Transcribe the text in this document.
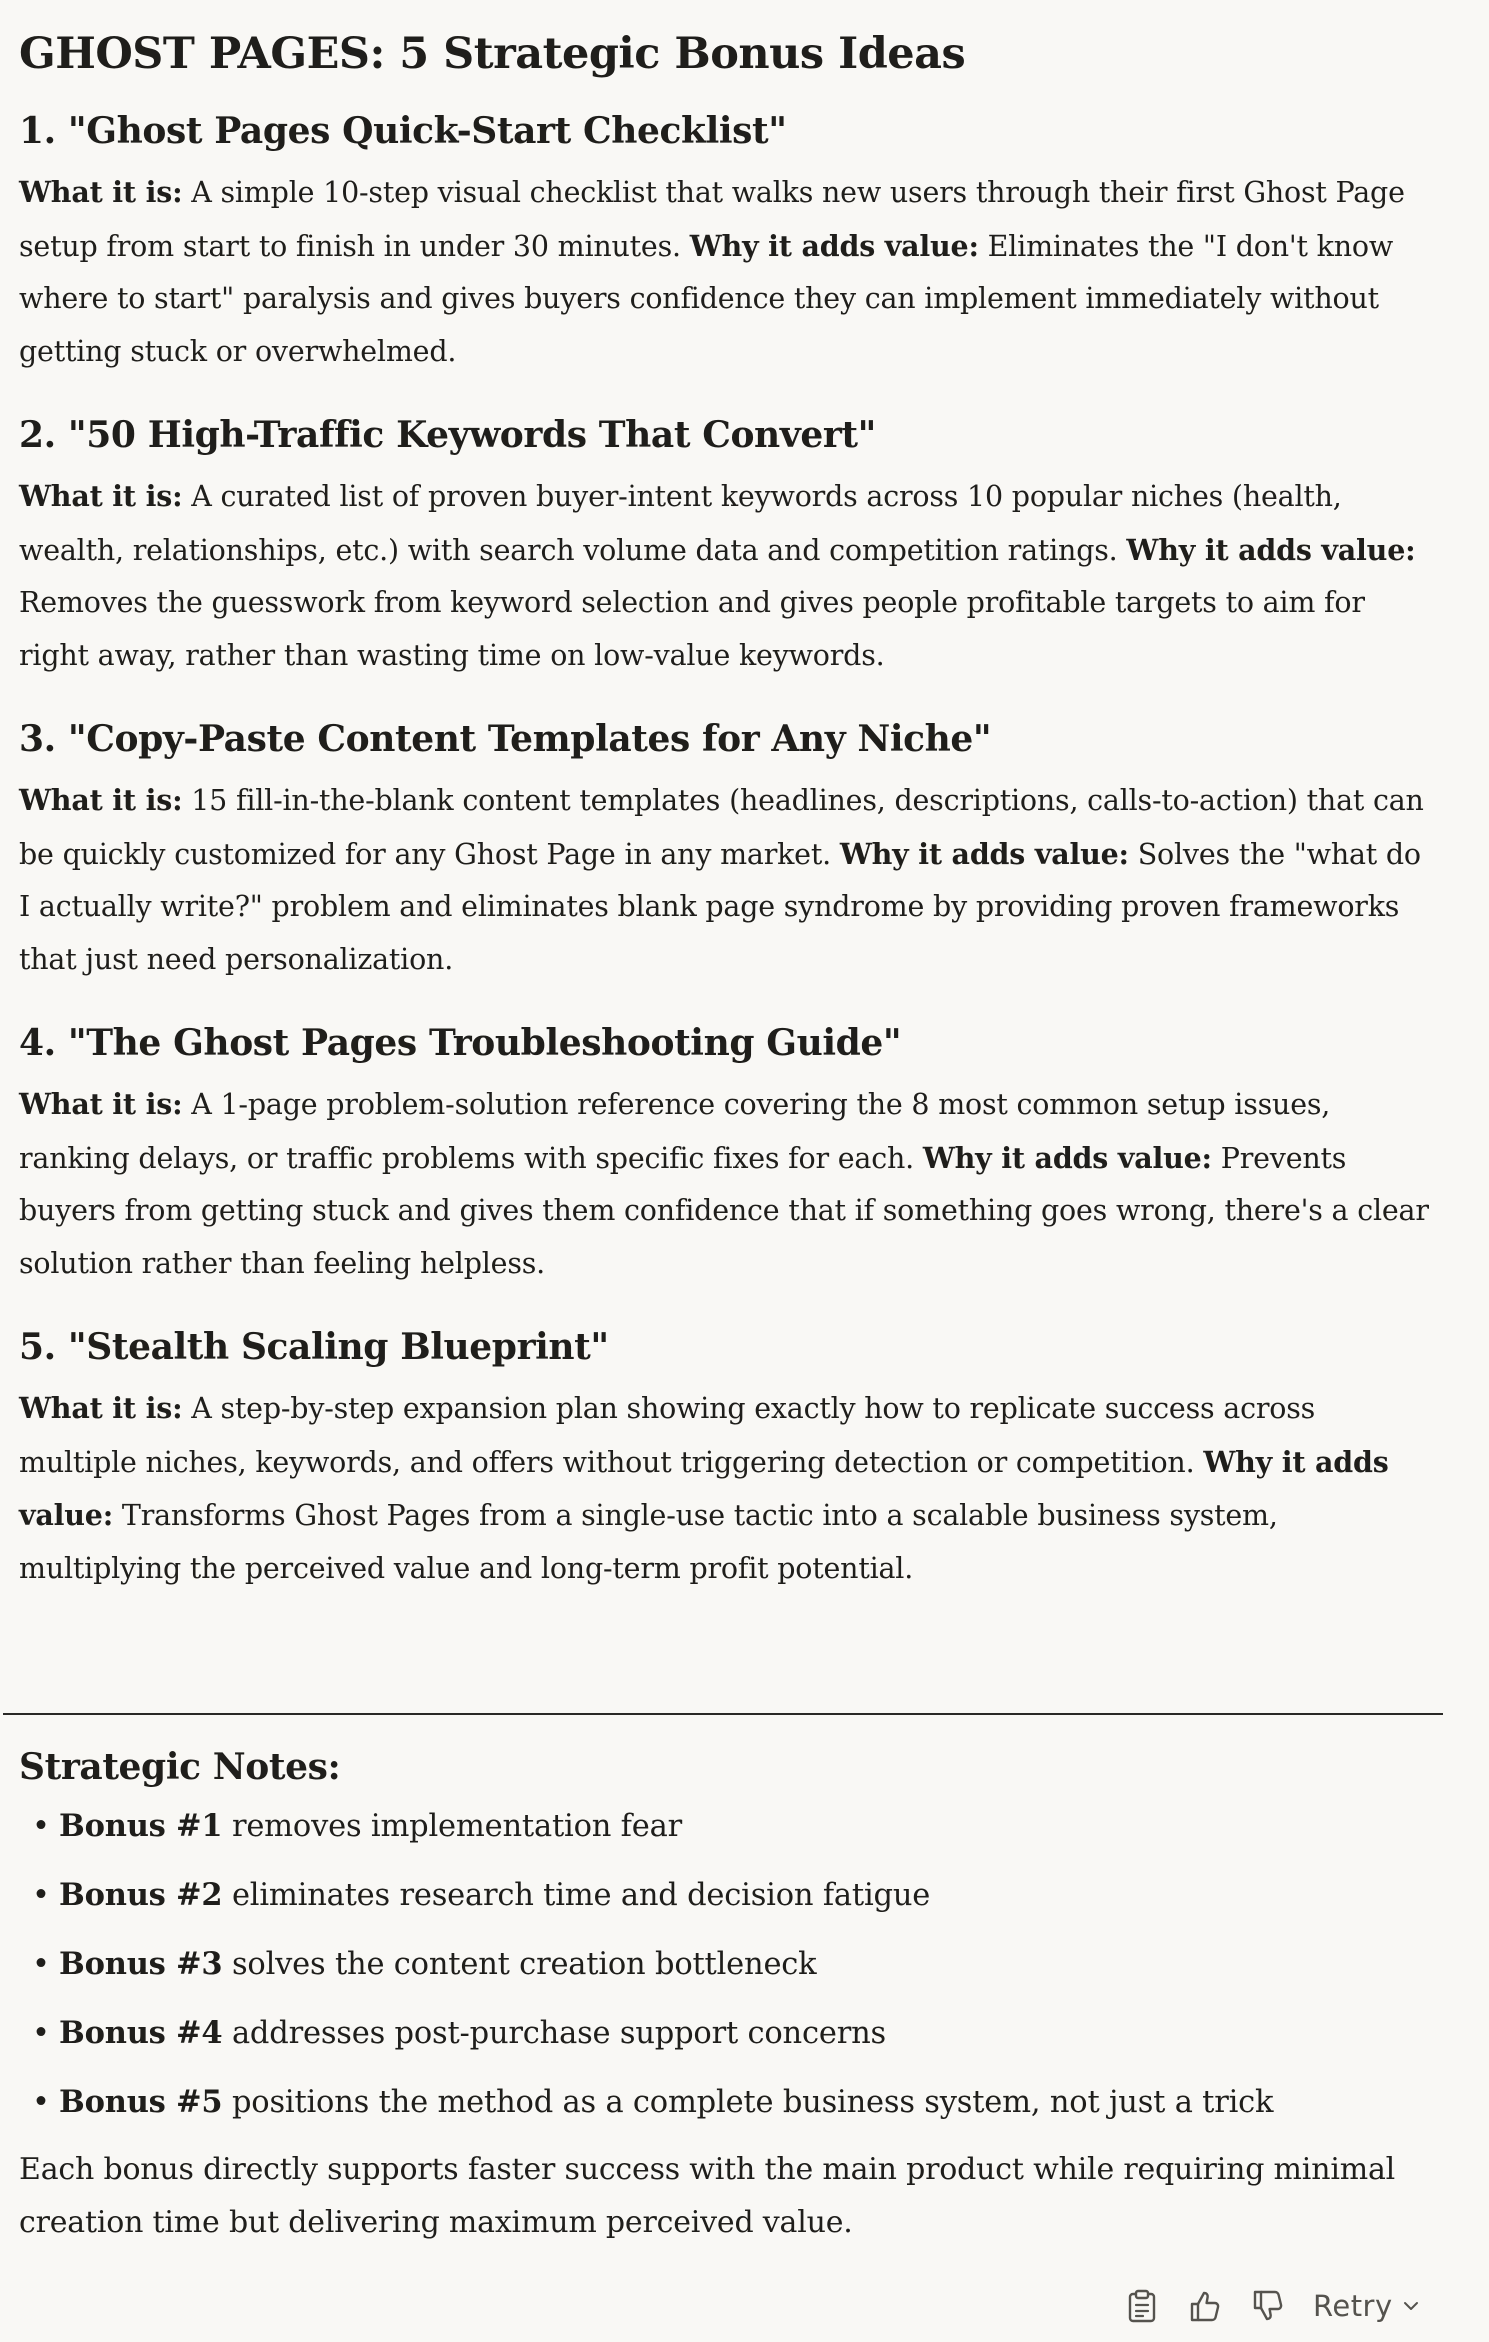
GHOST PAGES: 5 Strategic Bonus Ideas
1. "Ghost Pages Quick-Start Checklist"

What it is: A simple 10-step visual checklist that walks new users through their first Ghost Page setup from start to finish in under 30 minutes. Why it adds value: Eliminates the "I don't know where to start" paralysis and gives buyers confidence they can implement immediately without getting stuck or overwhelmed.

2. "50 High-Traffic Keywords That Convert"

What it is: A curated list of proven buyer-intent keywords across 10 popular niches (health, wealth, relationships, etc.) with search volume data and competition ratings. Why it adds value: Removes the guesswork from keyword selection and gives people profitable targets to aim for right away, rather than wasting time on low-value keywords.

3. "Copy-Paste Content Templates for Any Niche"

What it is: 15 fill-in-the-blank content templates (headlines, descriptions, calls-to-action) that can be quickly customized for any Ghost Page in any market. Why it adds value: Solves the "what do I actually write?" problem and eliminates blank page syndrome by providing proven frameworks that just need personalization.

4. "The Ghost Pages Troubleshooting Guide"

What it is: A 1-page problem-solution reference covering the 8 most common setup issues, ranking delays, or traffic problems with specific fixes for each. Why it adds value: Prevents buyers from getting stuck and gives them confidence that if something goes wrong, there's a clear solution rather than feeling helpless.

5. "Stealth Scaling Blueprint"

What it is: A step-by-step expansion plan showing exactly how to replicate success across multiple niches, keywords, and offers without triggering detection or competition. Why it adds value: Transforms Ghost Pages from a single-use tactic into a scalable business system, multiplying the perceived value and long-term profit potential.

Strategic Notes:
• Bonus #1 removes implementation fear
• Bonus #2 eliminates research time and decision fatigue
• Bonus #3 solves the content creation bottleneck
• Bonus #4 addresses post-purchase support concerns
• Bonus #5 positions the method as a complete business system, not just a trick

Each bonus directly supports faster success with the main product while requiring minimal creation time but delivering maximum perceived value.

Retry
